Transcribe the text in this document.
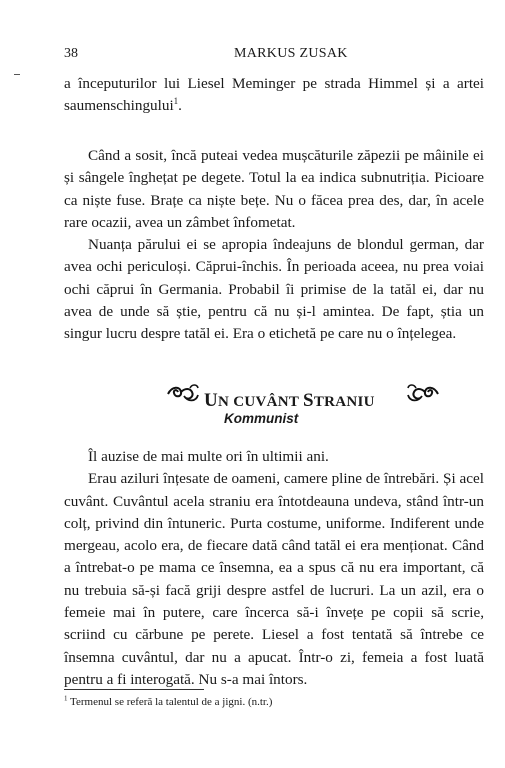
38	MARKUS ZUSAK

a începuturilor lui Liesel Meminger pe strada Himmel și a artei saumenschingului$^1$.

Când a sosit, încă puteai vedea mușcăturile zăpezii pe mâinile ei și sângele înghețat pe degete. Totul la ea indica subnutriția. Picioare ca niște fuse. Brațe ca niște bețe. Nu o făcea prea des, dar, în acele rare ocazii, avea un zâmbet înfometat.

Nuanța părului ei se apropia îndeajuns de blondul german, dar avea ochi periculoși. Căprui-închis. În perioada aceea, nu prea voiai ochi căprui în Germania. Probabil îi primise de la tatăl ei, dar nu avea de unde să știe, pentru că nu și-l amintea. De fapt, știa un singur lucru despre tatăl ei. Era o etichetă pe care nu o înțelegea.

UN CUVÂNT STRANIU
Kommunist

Îl auzise de mai multe ori în ultimii ani.

Erau aziluri înțesate de oameni, camere pline de întrebări. Și acel cuvânt. Cuvântul acela straniu era întotdeauna undeva, stând într-un colț, privind din întuneric. Purta costume, uniforme. Indiferent unde mergeau, acolo era, de fiecare dată când tatăl ei era menționat. Când a întrebat-o pe mama ce însemna, ea a spus că nu era important, că nu trebuia să-și facă griji despre astfel de lucruri. La un azil, era o femeie mai în putere, care încerca să-i învețe pe copii să scrie, scriind cu cărbune pe perete. Liesel a fost tentată să întrebe ce însemna cuvântul, dar nu a apucat. Într-o zi, femeia a fost luată pentru a fi interogată. Nu s-a mai întors.

$^1$ Termenul se referă la talentul de a jigni. (n.tr.)
